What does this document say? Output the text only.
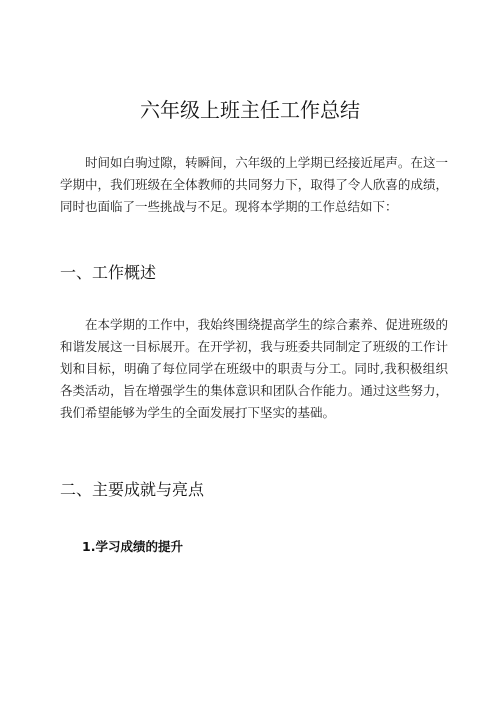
六年级上班主任工作总结

时间如白驹过隙，转瞬间，六年级的上学期已经接近尾声。在这一学期中，我们班级在全体教师的共同努力下，取得了令人欣喜的成绩，同时也面临了一些挑战与不足。现将本学期的工作总结如下：

一、工作概述

在本学期的工作中，我始终围绕提高学生的综合素养、促进班级的和谐发展这一目标展开。在开学初，我与班委共同制定了班级的工作计划和目标，明确了每位同学在班级中的职责与分工。同时,我积极组织各类活动，旨在增强学生的集体意识和团队合作能力。通过这些努力，我们希望能够为学生的全面发展打下坚实的基础。

二、主要成就与亮点
1.学习成绩的提升
